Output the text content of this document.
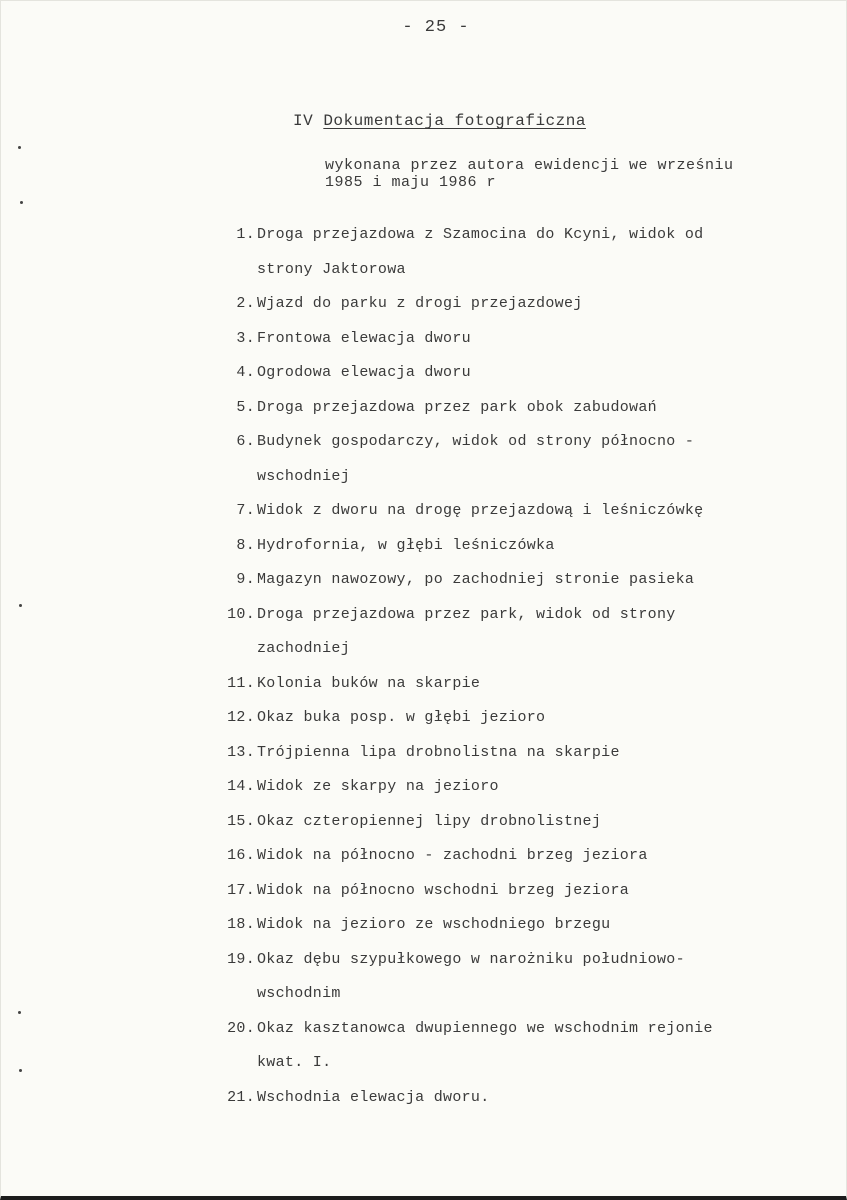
- 25 -
IV Dokumentacja fotograficzna
wykonana przez autora ewidencji we wrześniu
1985 i maju 1986 r
1. Droga przejazdowa z Szamocina do Kcyni, widok od
strony Jaktorowa
2. Wjazd do parku z drogi przejazdowej
3. Frontowa elewacja dworu
4. Ogrodowa elewacja dworu
5. Droga przejazdowa przez park obok zabudowań
6. Budynek gospodarczy, widok od strony północno -
wschodniej
7. Widok z dworu na drogę przejazdową i leśniczówkę
8. Hydrofornia, w głębi leśniczówka
9. Magazyn nawozowy, po zachodniej stronie pasieka
10. Droga przejazdowa przez park, widok od strony
zachodniej
11. Kolonia buków na skarpie
12. Okaz buka posp. w głębi jezioro
13. Trójpienna lipa drobnolistna na skarpie
14. Widok ze skarpy na jezioro
15. Okaz czteropiennej lipy drobnolistnej
16. Widok na północno - zachodni brzeg jeziora
17. Widok na północno wschodni brzeg jeziora
18. Widok na jezioro ze wschodniego brzegu
19. Okaz dębu szypułkowego w narożniku południowo-
wschodnim
20. Okaz kasztanowca dwupiennego we wschodnim rejonie
kwat. I.
21. Wschodnia elewacja dworu.
